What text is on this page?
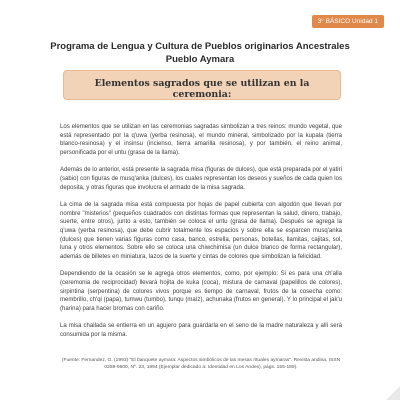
3° BÁSICO Unidad 1
Programa de Lengua y Cultura de Pueblos originarios Ancestrales
Pueblo Aymara
Elementos sagrados que se utilizan en la ceremonia:

Los elementos que se utilizan en las ceremonias sagradas simbolizan a tres reinos: mundo vegetal, que está representado por la q'uwa (yerba resinosa), el mundo mineral, simbolizado por la kupala (tierra blanco-resinosa) y el insinsu (incienso, tierra amarilla resinosa), y por también, el reino animal, personificada por el untu (grasa de la llama).

Además de lo anterior, está presente la sagrada misa (figuras de dulces), que está preparada por el yatiri (sabio) con figuras de musq'anka (dulces), los cuales representan los deseos y sueños de cada quien los deposita, y otras figuras que involucra el armado de la misa sagrada.

La cima de la sagrada misa está compuesta por hojas de papel cubierta con algodón que llevan por nombre "misterios" (pequeños cuadrados con distintas formas que representan la salud, dinero, trabajo, suerte, entre otros), junto a esto, también se coloca el untu (grasa de llama). Después se agrega la q'uwa (yerba resinosa), que debe cubrir totalmente los espacios y sobre ella se esparcen musq'anka (dulces) que tienen varias figuras como casa, banco, estrella, personas, botellas, llamitas, cajitas, sol, luna y otros elementos. Sobre ello se coloca una chiwchimisa (un dulce blanco de forma rectangular), además de billetes en miniatura, lazos de la suerte y cintas de colores que simbolizan la felicidad.

Dependiendo de la ocasión se le agrega otros elementos, como, por ejemplo: Si es para una ch'alla (ceremonia de reciprocidad) llevará hojita de kuka (coca), mistura de carnaval (papelillos de colores), sirpintina (serpentina) de colores vivos porque es tiempo de carnaval, frutos de la cosecha como: membrillo, ch'qi (papa), tumwu (tumbo), tunqu (maíz), achunaka (frutos en general). Y lo principal el jak'u (harina) para hacer bromas con cariño.

La misa challada se entierra en un agujero para guardarla en el seno de la madre naturaleza y allí será consumida por la misma.

(Fuente: Fernandez, G. (1993) "El banquete aymara: Aspectos simbólicos de las mesas rituales aymaras". Revista andina, ISSN 0259-9600, Nº. 23, 1994 (Ejemplar dedicado a: Identidad en Los Andes), págs. 155-189).
